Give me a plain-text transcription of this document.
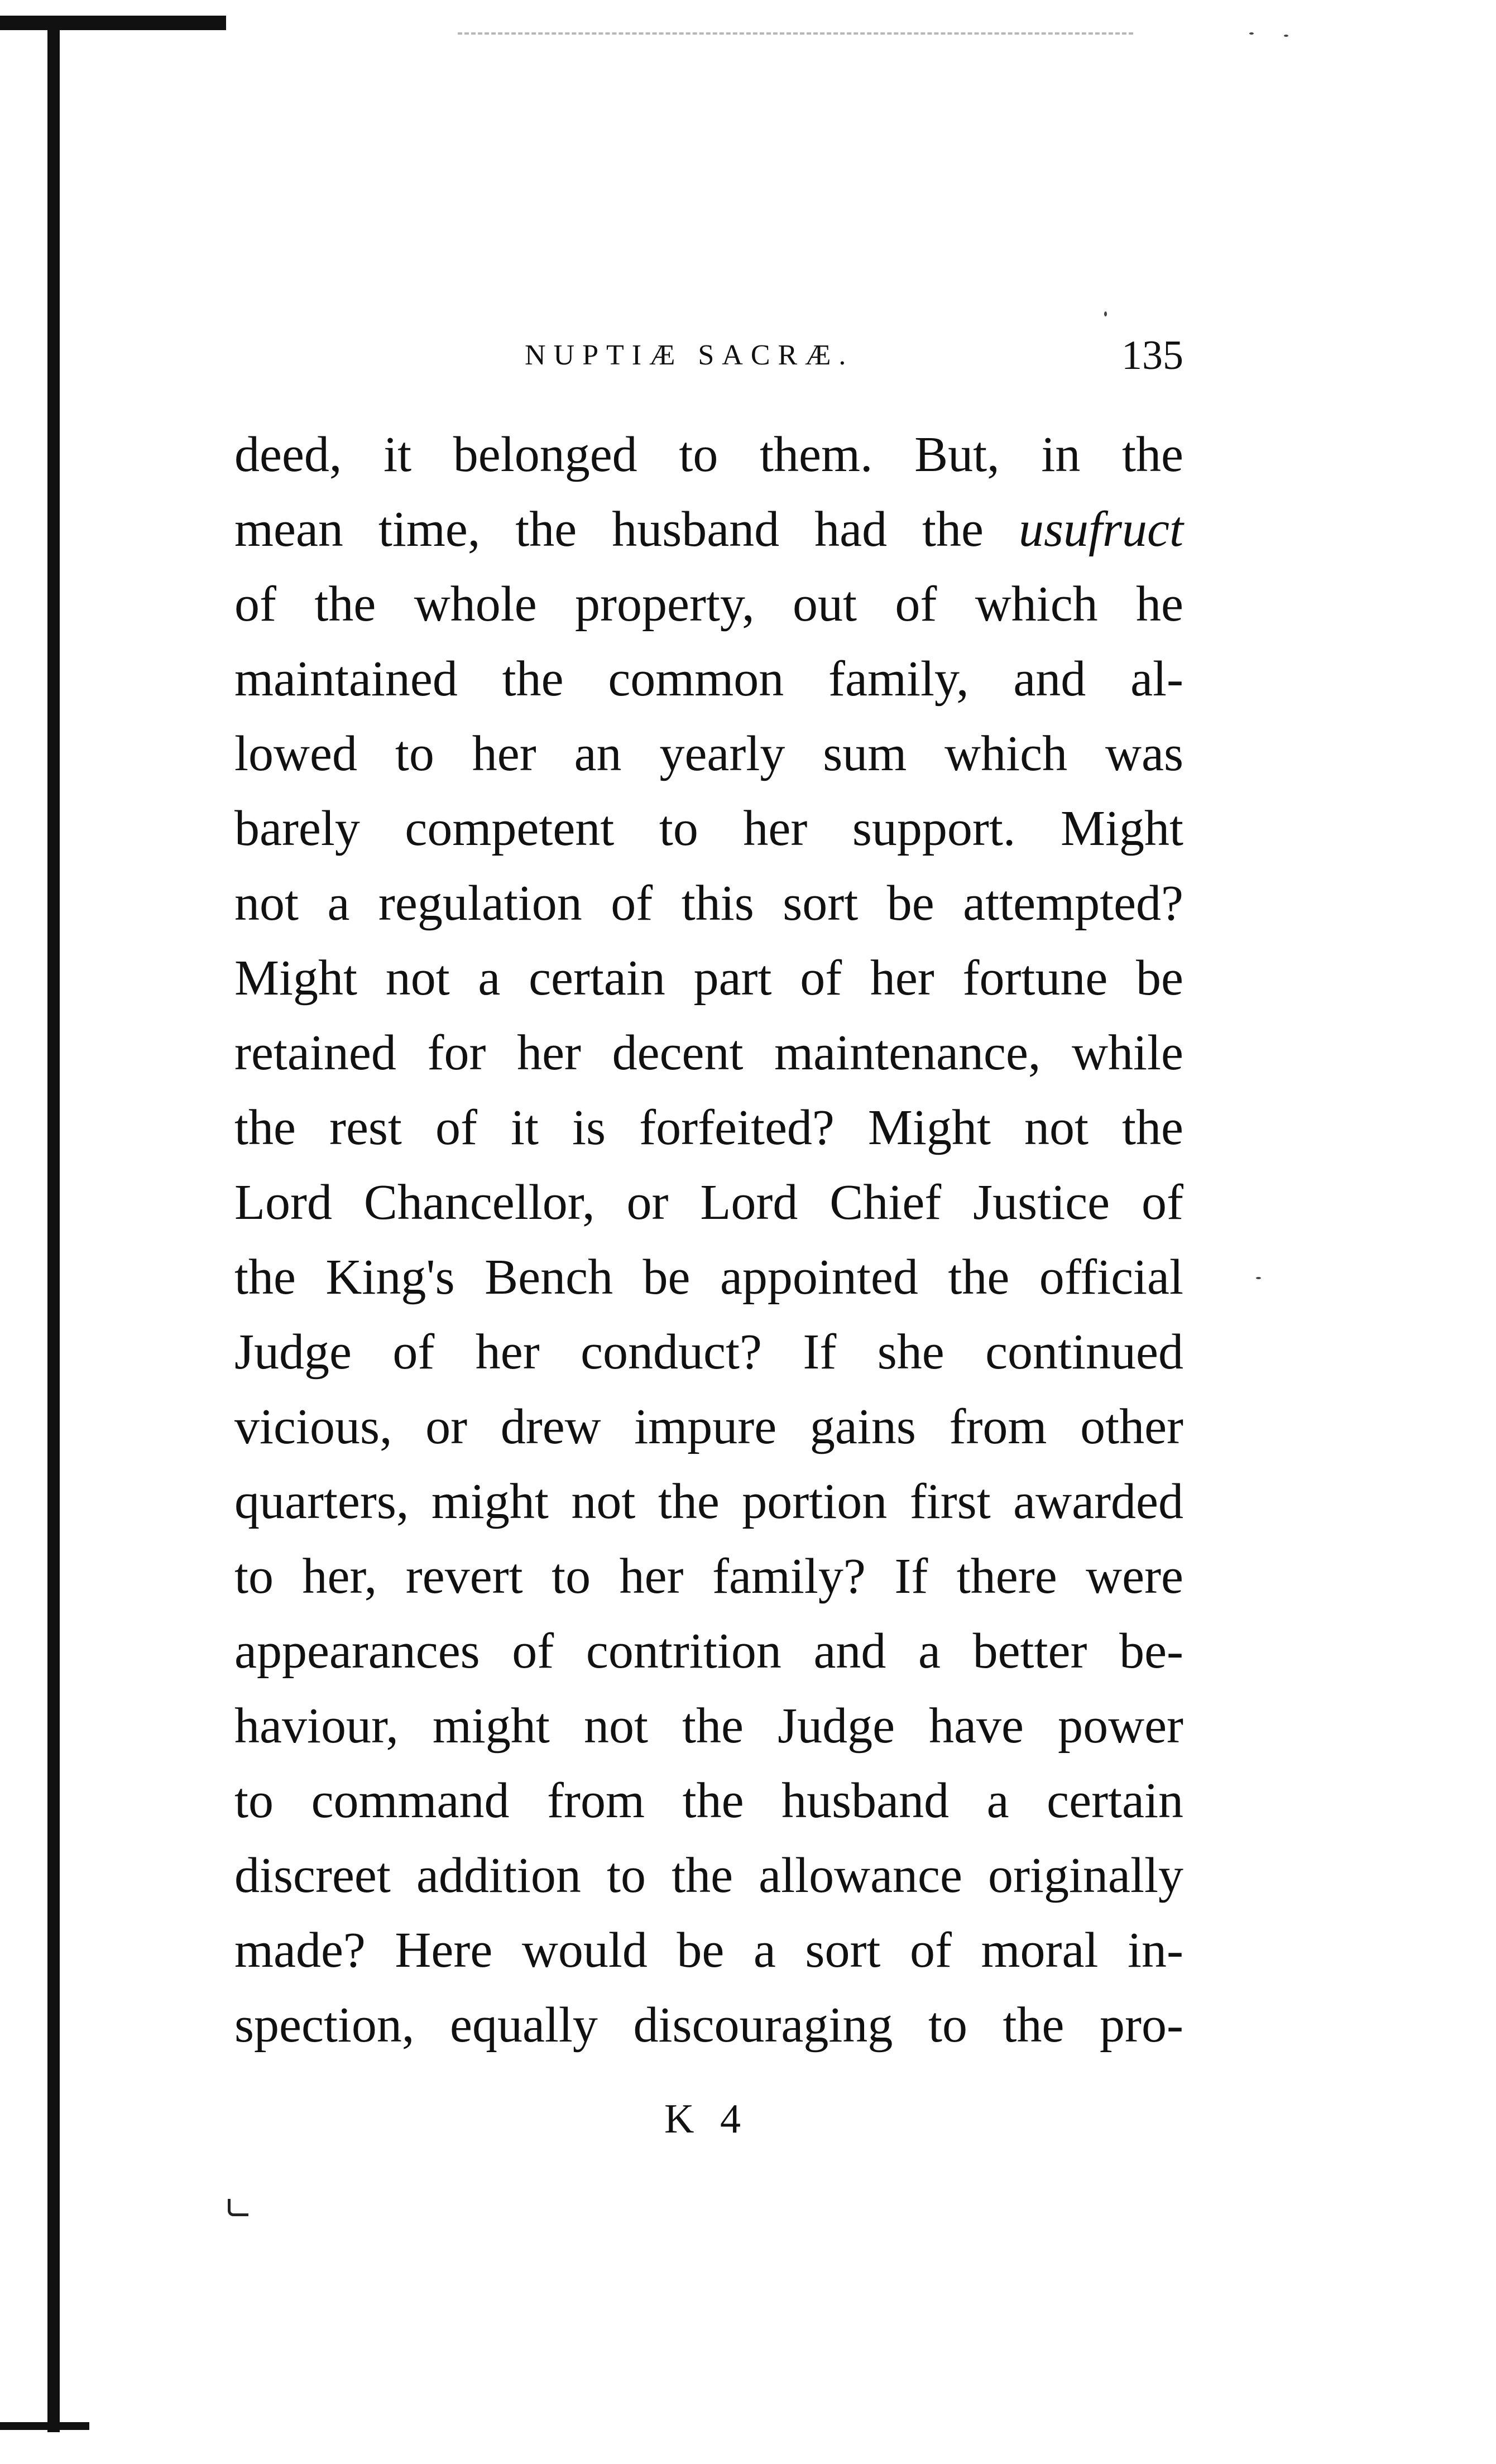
NUPTIÆ SACRÆ.	135
deed, it belonged to them. But, in the
mean time, the husband had the usufruct
of the whole property, out of which he
maintained the common family, and al-
lowed to her an yearly sum which was
barely competent to her support. Might
not a regulation of this sort be attempted?
Might not a certain part of her fortune be
retained for her decent maintenance, while
the rest of it is forfeited? Might not the
Lord Chancellor, or Lord Chief Justice of
the King's Bench be appointed the official
Judge of her conduct? If she continued
vicious, or drew impure gains from other
quarters, might not the portion first awarded
to her, revert to her family? If there were
appearances of contrition and a better be-
haviour, might not the Judge have power
to command from the husband a certain
discreet addition to the allowance originally
made? Here would be a sort of moral in-
spection, equally discouraging to the pro-
K 4
